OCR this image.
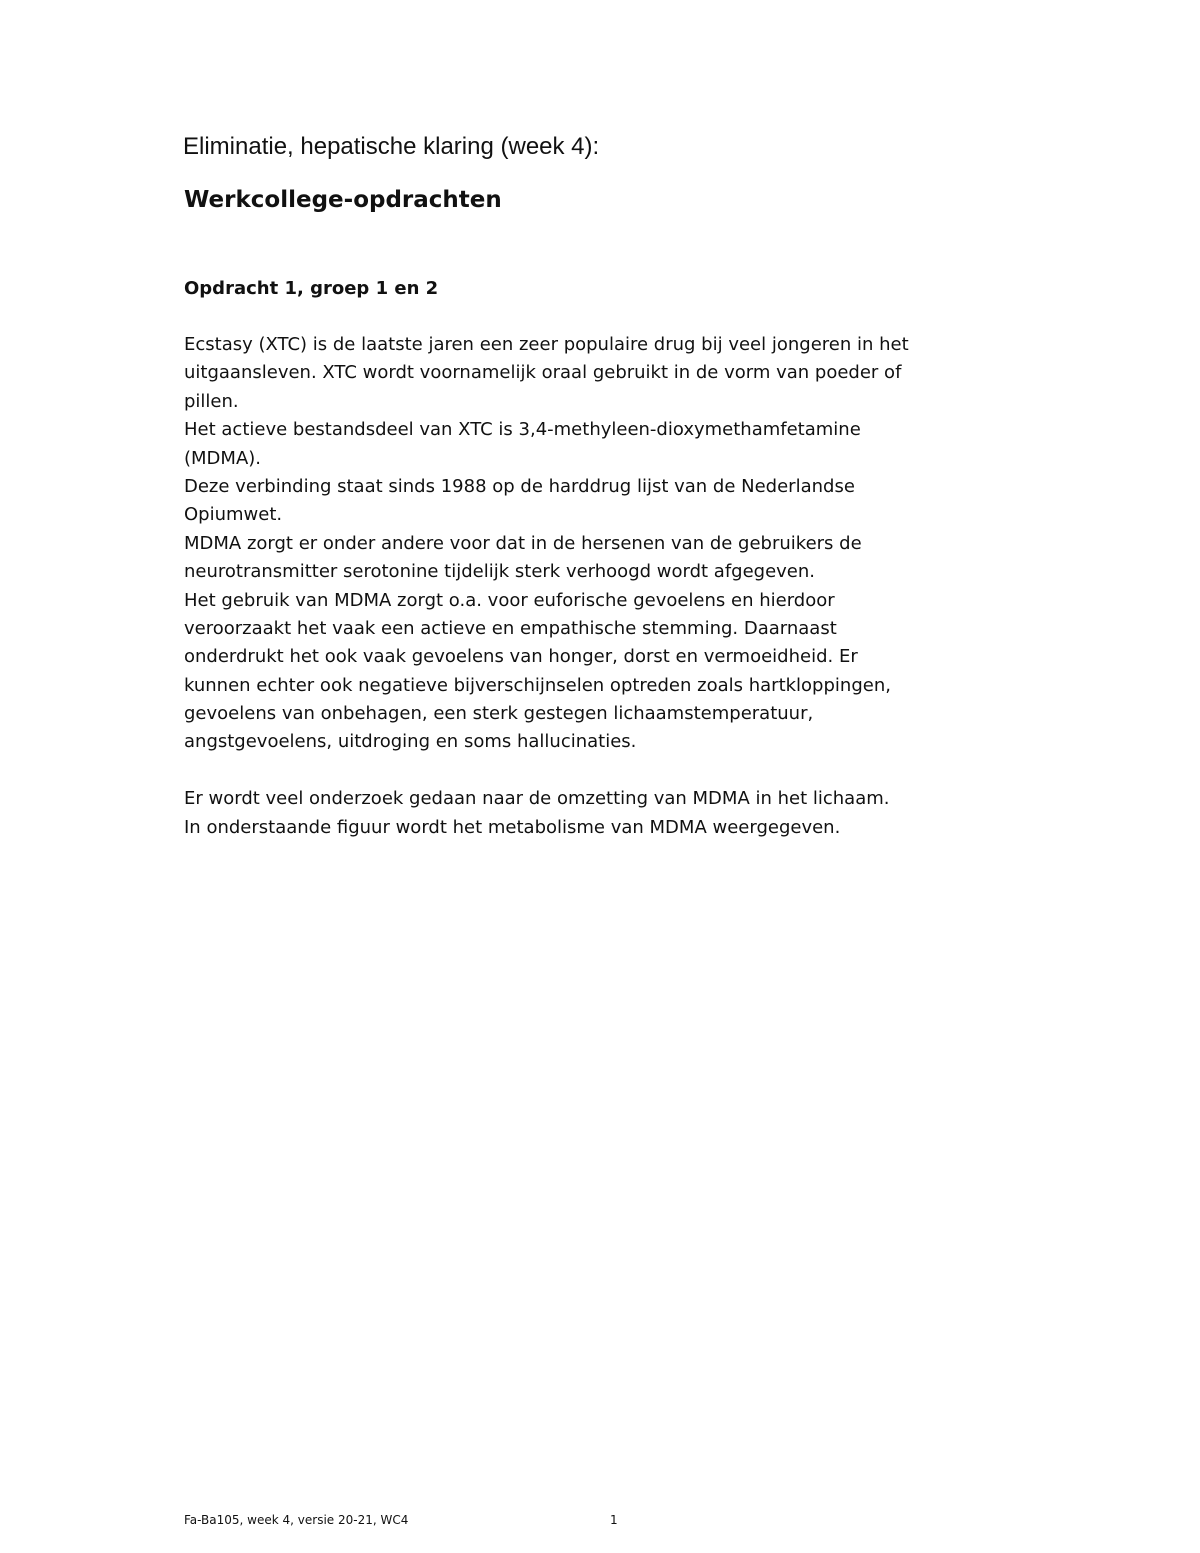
Eliminatie, hepatische klaring (week 4):
Werkcollege-opdrachten
Opdracht 1, groep 1 en 2
Ecstasy (XTC) is de laatste jaren een zeer populaire drug bij veel jongeren in het
uitgaansleven. XTC wordt voornamelijk oraal gebruikt in de vorm van poeder of
pillen.
Het actieve bestandsdeel van XTC is 3,4-methyleen-dioxymethamfetamine
(MDMA).
Deze verbinding staat sinds 1988 op de harddrug lijst van de Nederlandse
Opiumwet.
MDMA zorgt er onder andere voor dat in de hersenen van de gebruikers de
neurotransmitter serotonine tijdelijk sterk verhoogd wordt afgegeven.
Het gebruik van MDMA zorgt o.a. voor euforische gevoelens en hierdoor
veroorzaakt het vaak een actieve en empathische stemming. Daarnaast
onderdrukt het ook vaak gevoelens van honger, dorst en vermoeidheid. Er
kunnen echter ook negatieve bijverschijnselen optreden zoals hartkloppingen,
gevoelens van onbehagen, een sterk gestegen lichaamstemperatuur,
angstgevoelens, uitdroging en soms hallucinaties.
Er wordt veel onderzoek gedaan naar de omzetting van MDMA in het lichaam.
In onderstaande figuur wordt het metabolisme van MDMA weergegeven.
Fa-Ba105, week 4, versie 20-21, WC4	1
